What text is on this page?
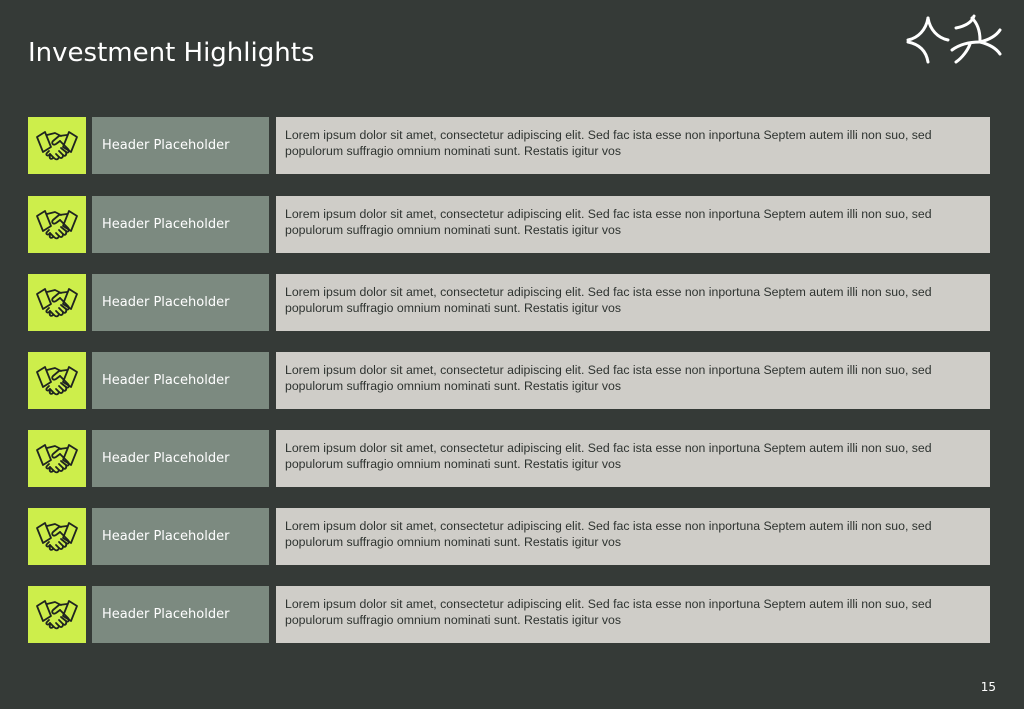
Investment Highlights
Header Placeholder
Lorem ipsum dolor sit amet, consectetur adipiscing elit. Sed fac ista esse non inportuna Septem autem illi non suo, sed populorum suffragio omnium nominati sunt. Restatis igitur vos
Header Placeholder
Lorem ipsum dolor sit amet, consectetur adipiscing elit. Sed fac ista esse non inportuna Septem autem illi non suo, sed populorum suffragio omnium nominati sunt. Restatis igitur vos
Header Placeholder
Lorem ipsum dolor sit amet, consectetur adipiscing elit. Sed fac ista esse non inportuna Septem autem illi non suo, sed populorum suffragio omnium nominati sunt. Restatis igitur vos
Header Placeholder
Lorem ipsum dolor sit amet, consectetur adipiscing elit. Sed fac ista esse non inportuna Septem autem illi non suo, sed populorum suffragio omnium nominati sunt. Restatis igitur vos
Header Placeholder
Lorem ipsum dolor sit amet, consectetur adipiscing elit. Sed fac ista esse non inportuna Septem autem illi non suo, sed populorum suffragio omnium nominati sunt. Restatis igitur vos
Header Placeholder
Lorem ipsum dolor sit amet, consectetur adipiscing elit. Sed fac ista esse non inportuna Septem autem illi non suo, sed populorum suffragio omnium nominati sunt. Restatis igitur vos
Header Placeholder
Lorem ipsum dolor sit amet, consectetur adipiscing elit. Sed fac ista esse non inportuna Septem autem illi non suo, sed populorum suffragio omnium nominati sunt. Restatis igitur vos
15
